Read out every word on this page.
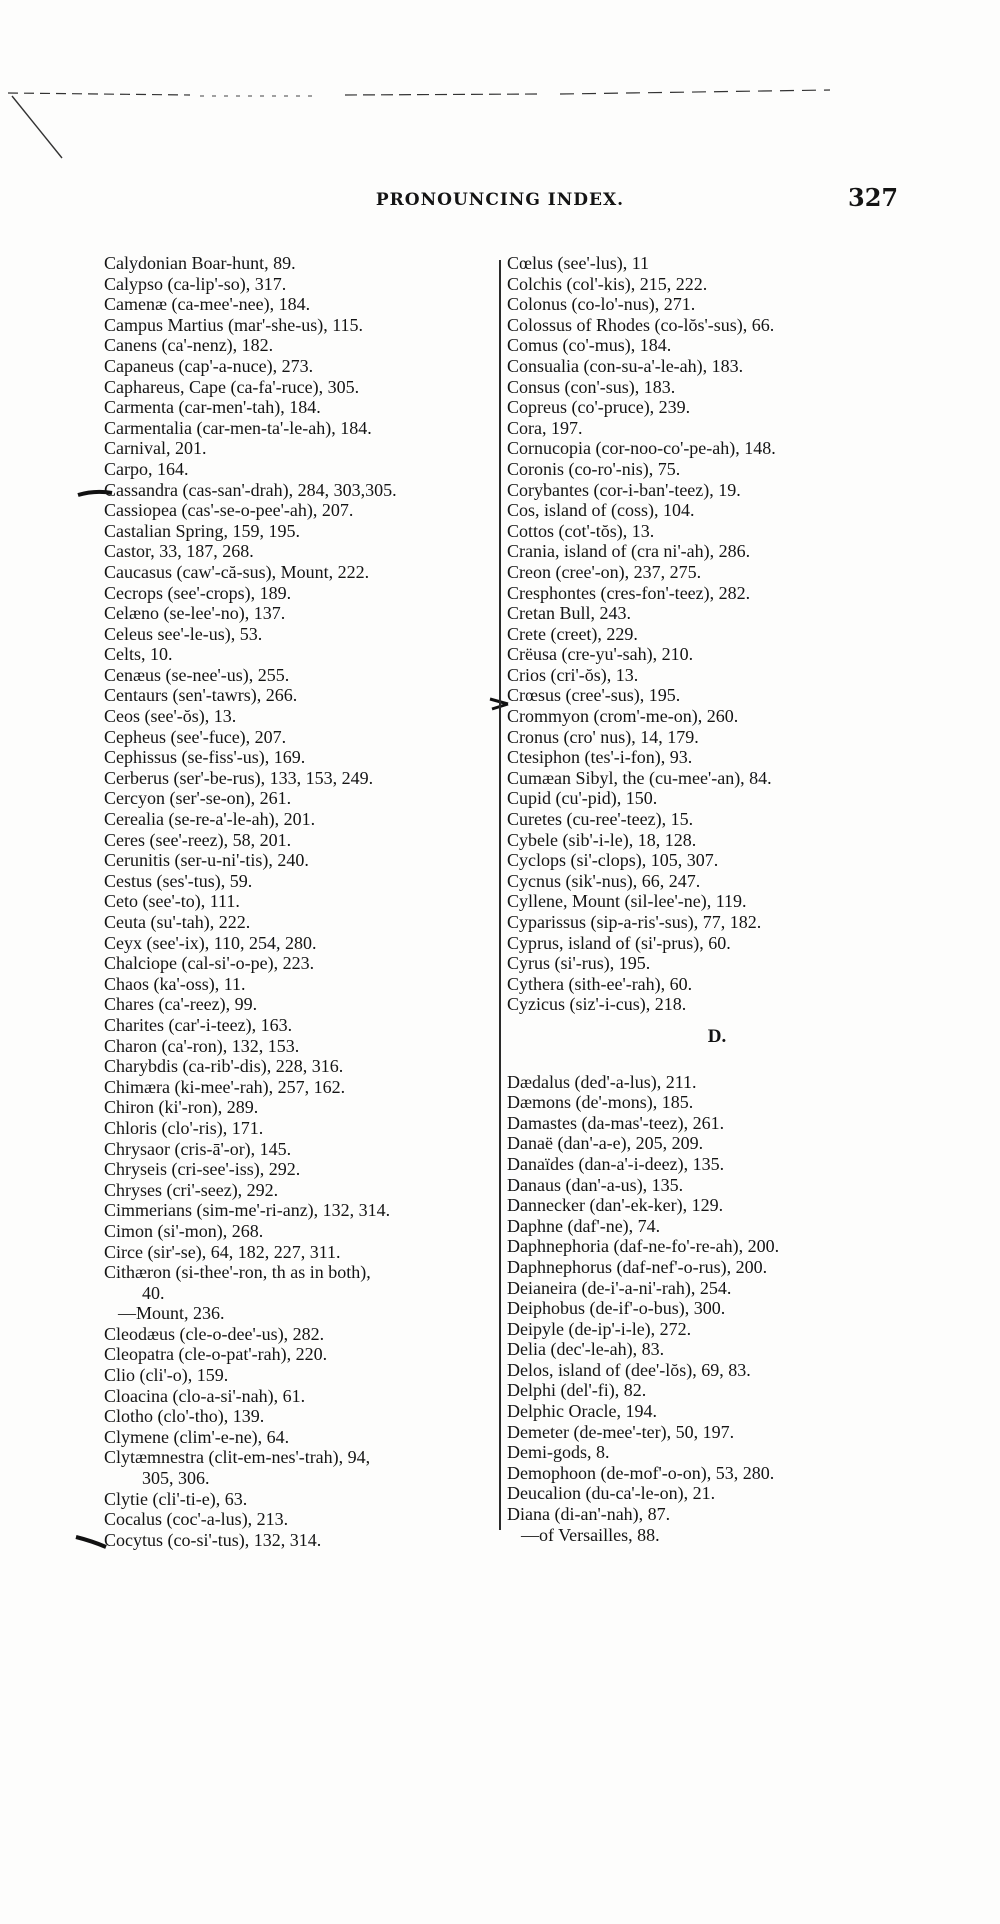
PRONOUNCING INDEX.	327
Calydonian Boar-hunt, 89.
Calypso (ca-lip'-so), 317.
Camenæ (ca-mee'-nee), 184.
Campus Martius (mar'-she-us), 115.
Canens (ca'-nenz), 182.
Capaneus (cap'-a-nuce), 273.
Caphareus, Cape (ca-fa'-ruce), 305.
Carmenta (car-men'-tah), 184.
Carmentalia (car-men-ta'-le-ah), 184.
Carnival, 201.
Carpo, 164.
Cassandra (cas-san'-drah), 284, 303,305.
Cassiopea (cas'-se-o-pee'-ah), 207.
Castalian Spring, 159, 195.
Castor, 33, 187, 268.
Caucasus (caw'-că-sus), Mount, 222.
Cecrops (see'-crops), 189.
Celæno (se-lee'-no), 137.
Celeus see'-le-us), 53.
Celts, 10.
Cenæus (se-nee'-us), 255.
Centaurs (sen'-tawrs), 266.
Ceos (see'-ŏs), 13.
Cepheus (see'-fuce), 207.
Cephissus (se-fiss'-us), 169.
Cerberus (ser'-be-rus), 133, 153, 249.
Cercyon (ser'-se-on), 261.
Cerealia (se-re-a'-le-ah), 201.
Ceres (see'-reez), 58, 201.
Cerunitis (ser-u-ni'-tis), 240.
Cestus (ses'-tus), 59.
Ceto (see'-to), 111.
Ceuta (su'-tah), 222.
Ceyx (see'-ix), 110, 254, 280.
Chalciope (cal-si'-o-pe), 223.
Chaos (ka'-oss), 11.
Chares (ca'-reez), 99.
Charites (car'-i-teez), 163.
Charon (ca'-ron), 132, 153.
Charybdis (ca-rib'-dis), 228, 316.
Chimæra (ki-mee'-rah), 257, 162.
Chiron (ki'-ron), 289.
Chloris (clo'-ris), 171.
Chrysaor (cris-ā'-or), 145.
Chryseis (cri-see'-iss), 292.
Chryses (cri'-seez), 292.
Cimmerians (sim-me'-ri-anz), 132, 314.
Cimon (si'-mon), 268.
Circe (sir'-se), 64, 182, 227, 311.
Cithæron (si-thee'-ron, th as in both),
40.
—Mount, 236.
Cleodæus (cle-o-dee'-us), 282.
Cleopatra (cle-o-pat'-rah), 220.
Clio (cli'-o), 159.
Cloacina (clo-a-si'-nah), 61.
Clotho (clo'-tho), 139.
Clymene (clim'-e-ne), 64.
Clytæmnestra (clit-em-nes'-trah), 94,
305, 306.
Clytie (cli'-ti-e), 63.
Cocalus (coc'-a-lus), 213.
Cocytus (co-si'-tus), 132, 314.
Cœlus (see'-lus), 11
Colchis (col'-kis), 215, 222.
Colonus (co-lo'-nus), 271.
Colossus of Rhodes (co-lŏs'-sus), 66.
Comus (co'-mus), 184.
Consualia (con-su-a'-le-ah), 183.
Consus (con'-sus), 183.
Copreus (co'-pruce), 239.
Cora, 197.
Cornucopia (cor-noo-co'-pe-ah), 148.
Coronis (co-ro'-nis), 75.
Corybantes (cor-i-ban'-teez), 19.
Cos, island of (coss), 104.
Cottos (cot'-tŏs), 13.
Crania, island of (cra ni'-ah), 286.
Creon (cree'-on), 237, 275.
Cresphontes (cres-fon'-teez), 282.
Cretan Bull, 243.
Crete (creet), 229.
Crëusa (cre-yu'-sah), 210.
Crios (cri'-ŏs), 13.
Crœsus (cree'-sus), 195.
Crommyon (crom'-me-on), 260.
Cronus (cro' nus), 14, 179.
Ctesiphon (tes'-i-fon), 93.
Cumæan Sibyl, the (cu-mee'-an), 84.
Cupid (cu'-pid), 150.
Curetes (cu-ree'-teez), 15.
Cybele (sib'-i-le), 18, 128.
Cyclops (si'-clops), 105, 307.
Cycnus (sik'-nus), 66, 247.
Cyllene, Mount (sil-lee'-ne), 119.
Cyparissus (sip-a-ris'-sus), 77, 182.
Cyprus, island of (si'-prus), 60.
Cyrus (si'-rus), 195.
Cythera (sith-ee'-rah), 60.
Cyzicus (siz'-i-cus), 218.
D.
Dædalus (ded'-a-lus), 211.
Dæmons (de'-mons), 185.
Damastes (da-mas'-teez), 261.
Danaë (dan'-a-e), 205, 209.
Danaïdes (dan-a'-i-deez), 135.
Danaus (dan'-a-us), 135.
Dannecker (dan'-ek-ker), 129.
Daphne (daf'-ne), 74.
Daphnephoria (daf-ne-fo'-re-ah), 200.
Daphnephorus (daf-nef'-o-rus), 200.
Deianeira (de-i'-a-ni'-rah), 254.
Deiphobus (de-if'-o-bus), 300.
Deipyle (de-ip'-i-le), 272.
Delia (dec'-le-ah), 83.
Delos, island of (dee'-lŏs), 69, 83.
Delphi (del'-fi), 82.
Delphic Oracle, 194.
Demeter (de-mee'-ter), 50, 197.
Demi-gods, 8.
Demophoon (de-mof'-o-on), 53, 280.
Deucalion (du-ca'-le-on), 21.
Diana (di-an'-nah), 87.
—of Versailles, 88.
